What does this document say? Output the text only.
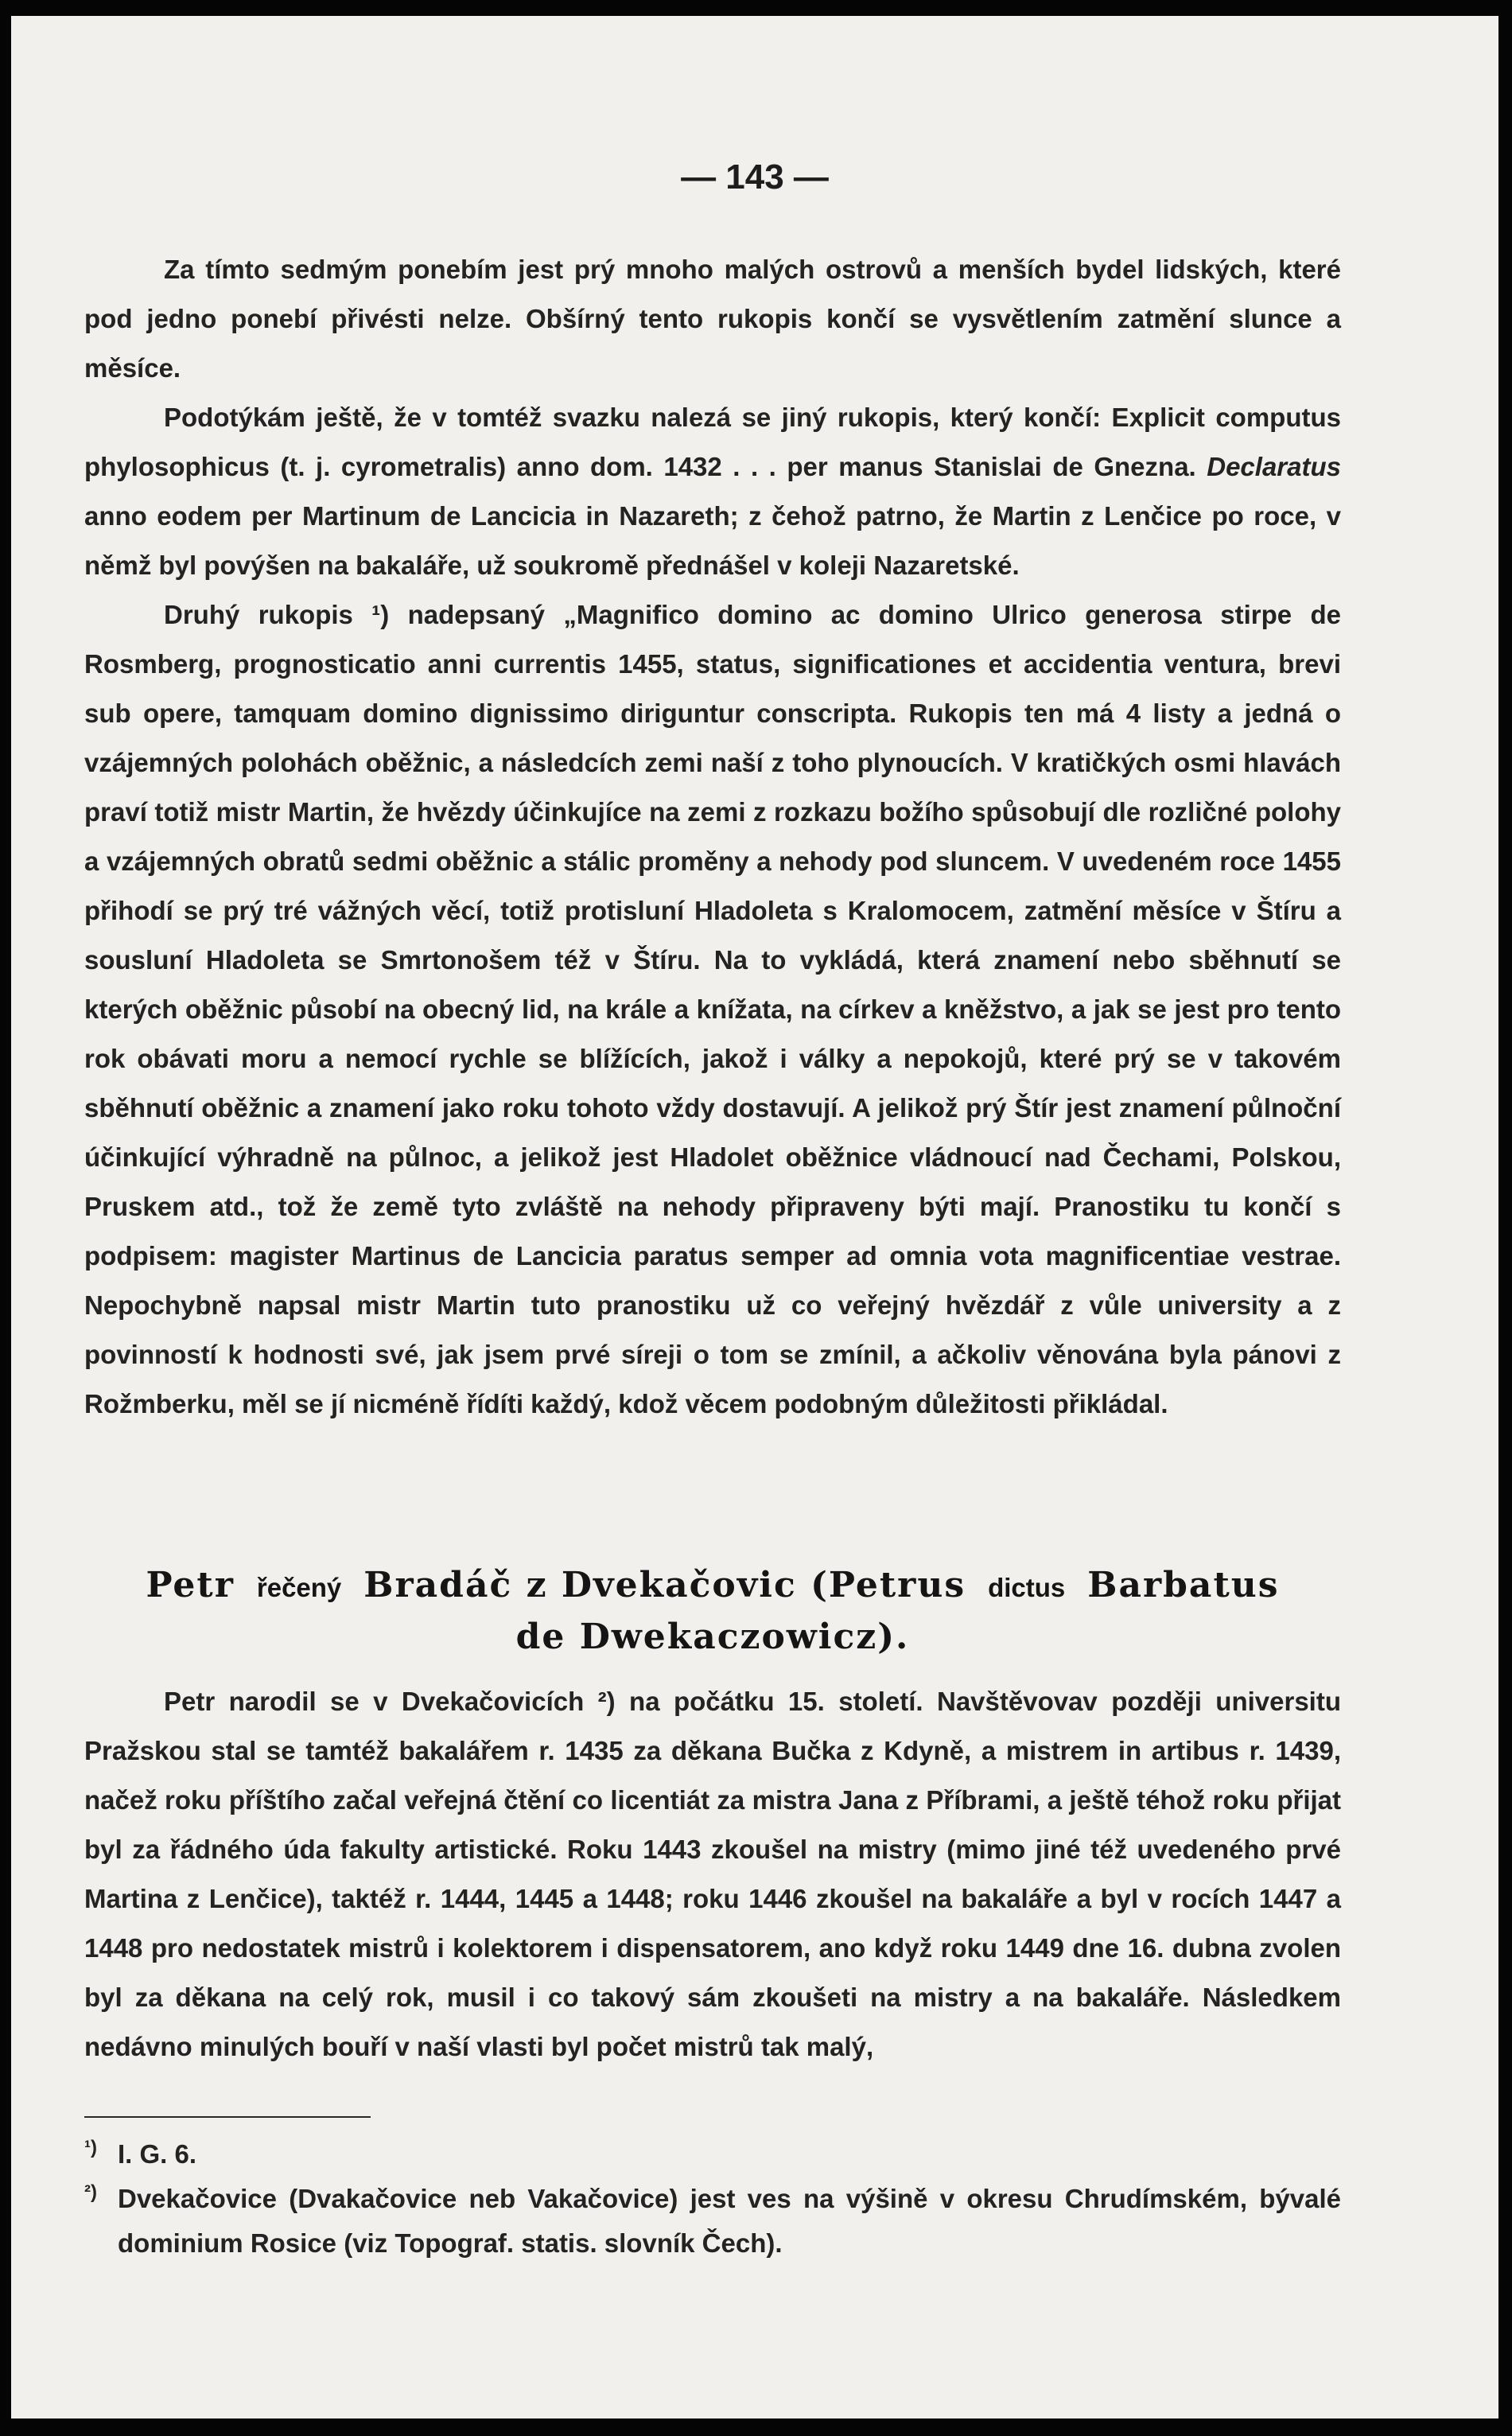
— 143 —

Za tímto sedmým ponebím jest prý mnoho malých ostrovů a menších bydel lidských, které pod jedno ponebí přivésti nelze. Obšírný tento rukopis končí se vysvětlením zatmění slunce a měsíce.

Podotýkám ještě, že v tomtéž svazku nalezá se jiný rukopis, který končí: Explicit computus phylosophicus (t. j. cyrometralis) anno dom. 1432 . . . per manus Stanislai de Gnezna. Declaratus anno eodem per Martinum de Lancicia in Nazareth; z čehož patrno, že Martin z Lenčice po roce, v němž byl povýšen na bakaláře, už soukromě přednášel v koleji Nazaretské.

Druhý rukopis ¹) nadepsaný „Magnifico domino ac domino Ulrico generosa stirpe de Rosmberg, prognosticatio anni currentis 1455, status, significationes et accidentia ventura, brevi sub opere, tamquam domino dignissimo diriguntur conscripta. Rukopis ten má 4 listy a jedná o vzájemných polohách oběžnic, a následcích zemi naší z toho plynoucích. V kratičkých osmi hlavách praví totiž mistr Martin, že hvězdy účinkujíce na zemi z rozkazu božího spůsobují dle rozličné polohy a vzájemných obratů sedmi oběžnic a stálic proměny a nehody pod sluncem. V uvedeném roce 1455 přihodí se prý tré vážných věcí, totiž protisluní Hladoleta s Kralomocem, zatmění měsíce v Štíru a sousluní Hladoleta se Smrtonošem též v Štíru. Na to vykládá, která znamení nebo sběhnutí se kterých oběžnic působí na obecný lid, na krále a knížata, na církev a kněžstvo, a jak se jest pro tento rok obávati moru a nemocí rychle se blížících, jakož i války a nepokojů, které prý se v takovém sběhnutí oběžnic a znamení jako roku tohoto vždy dostavují. A jelikož prý Štír jest znamení půlnoční účinkující výhradně na půlnoc, a jelikož jest Hladolet oběžnice vládnoucí nad Čechami, Polskou, Pruskem atd., tož že země tyto zvláště na nehody připraveny býti mají. Pranostiku tu končí s podpisem: magister Martinus de Lancicia paratus semper ad omnia vota magnificentiae vestrae. Nepochybně napsal mistr Martin tuto pranostiku už co veřejný hvězdář z vůle university a z povinností k hodnosti své, jak jsem prvé síreji o tom se zmínil, a ačkoliv věnována byla pánovi z Rožmberku, měl se jí nicméně řídíti každý, kdož věcem podobným důležitosti přikládal.

Petr řečený Bradáč z Dvekačovic (Petrus dictus Barbatus
de Dwekaczowicz).

Petr narodil se v Dvekačovicích ²) na počátku 15. století. Navštěvovav později universitu Pražskou stal se tamtéž bakalářem r. 1435 za děkana Bučka z Kdyně, a mistrem in artibus r. 1439, načež roku příštího začal veřejná čtění co licentiát za mistra Jana z Příbrami, a ještě téhož roku přijat byl za řádného úda fakulty artistické. Roku 1443 zkoušel na mistry (mimo jiné též uvedeného prvé Martina z Lenčice), taktéž r. 1444, 1445 a 1448; roku 1446 zkoušel na bakaláře a byl v rocích 1447 a 1448 pro nedostatek mistrů i kolektorem i dispensatorem, ano když roku 1449 dne 16. dubna zvolen byl za děkana na celý rok, musil i co takový sám zkoušeti na mistry a na bakaláře. Následkem nedávno minulých bouří v naší vlasti byl počet mistrů tak malý,

¹) I. G. 6.
²) Dvekačovice (Dvakačovice neb Vakačovice) jest ves na výšině v okresu Chrudímském, bývalé dominium Rosice (viz Topograf. statis. slovník Čech).
